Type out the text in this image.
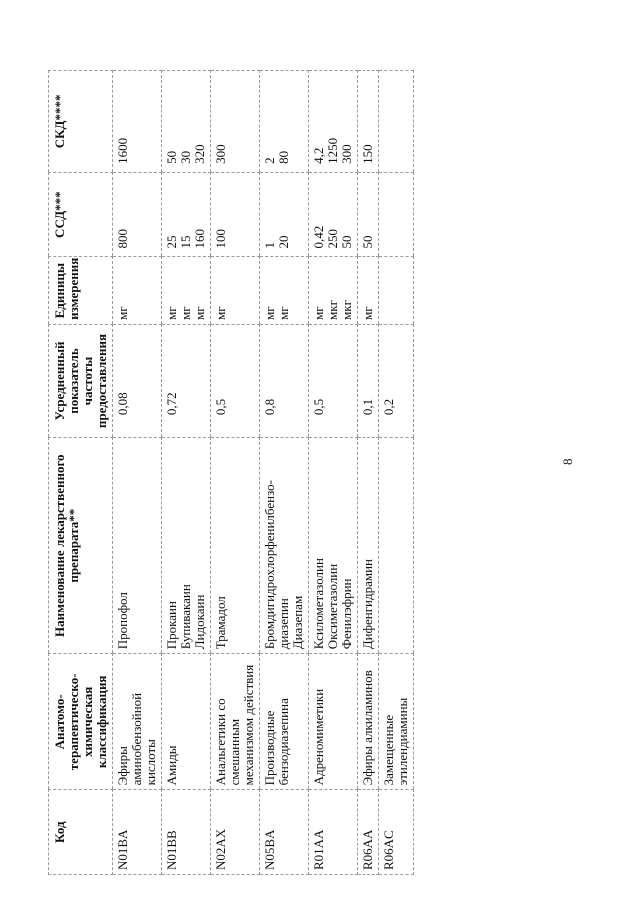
8
Код	Анатомо-терапевтическо-химическая классификация	Наименование лекарственного препарата**	Усредненный показатель частоты предоставления	Единицы измерения	ССД***	СКД****

N01BA	Эфиры аминобензойной кислоты	Пропофол	0,08	мг	800	1600

N01BB	Амиды	Прокаин Бупивакаин Лидокаин	0,72	мг мг мг	25 15 160	50 30 320

N02AX	Анальгетики со смешанным механизмом действия	Трамадол	0,5	мг	100	300

N05BA	Производные бензодиазепина	Бромдигидрохлорфенилбензо-диазепин Диазепам	0,8	мг мг	1 20	2 80

R01AA	Адреномиметики	Ксилометазолин Оксиметазолин Фенилэфрин	0,5	мг мкг мкг	0,42 250 50	4,2 1250 300

R06AA	Эфиры алкиламинов	Дифенгидрамин	0,1	мг	50	150

R06AC	Замещенные этилендиамины		0,2			
